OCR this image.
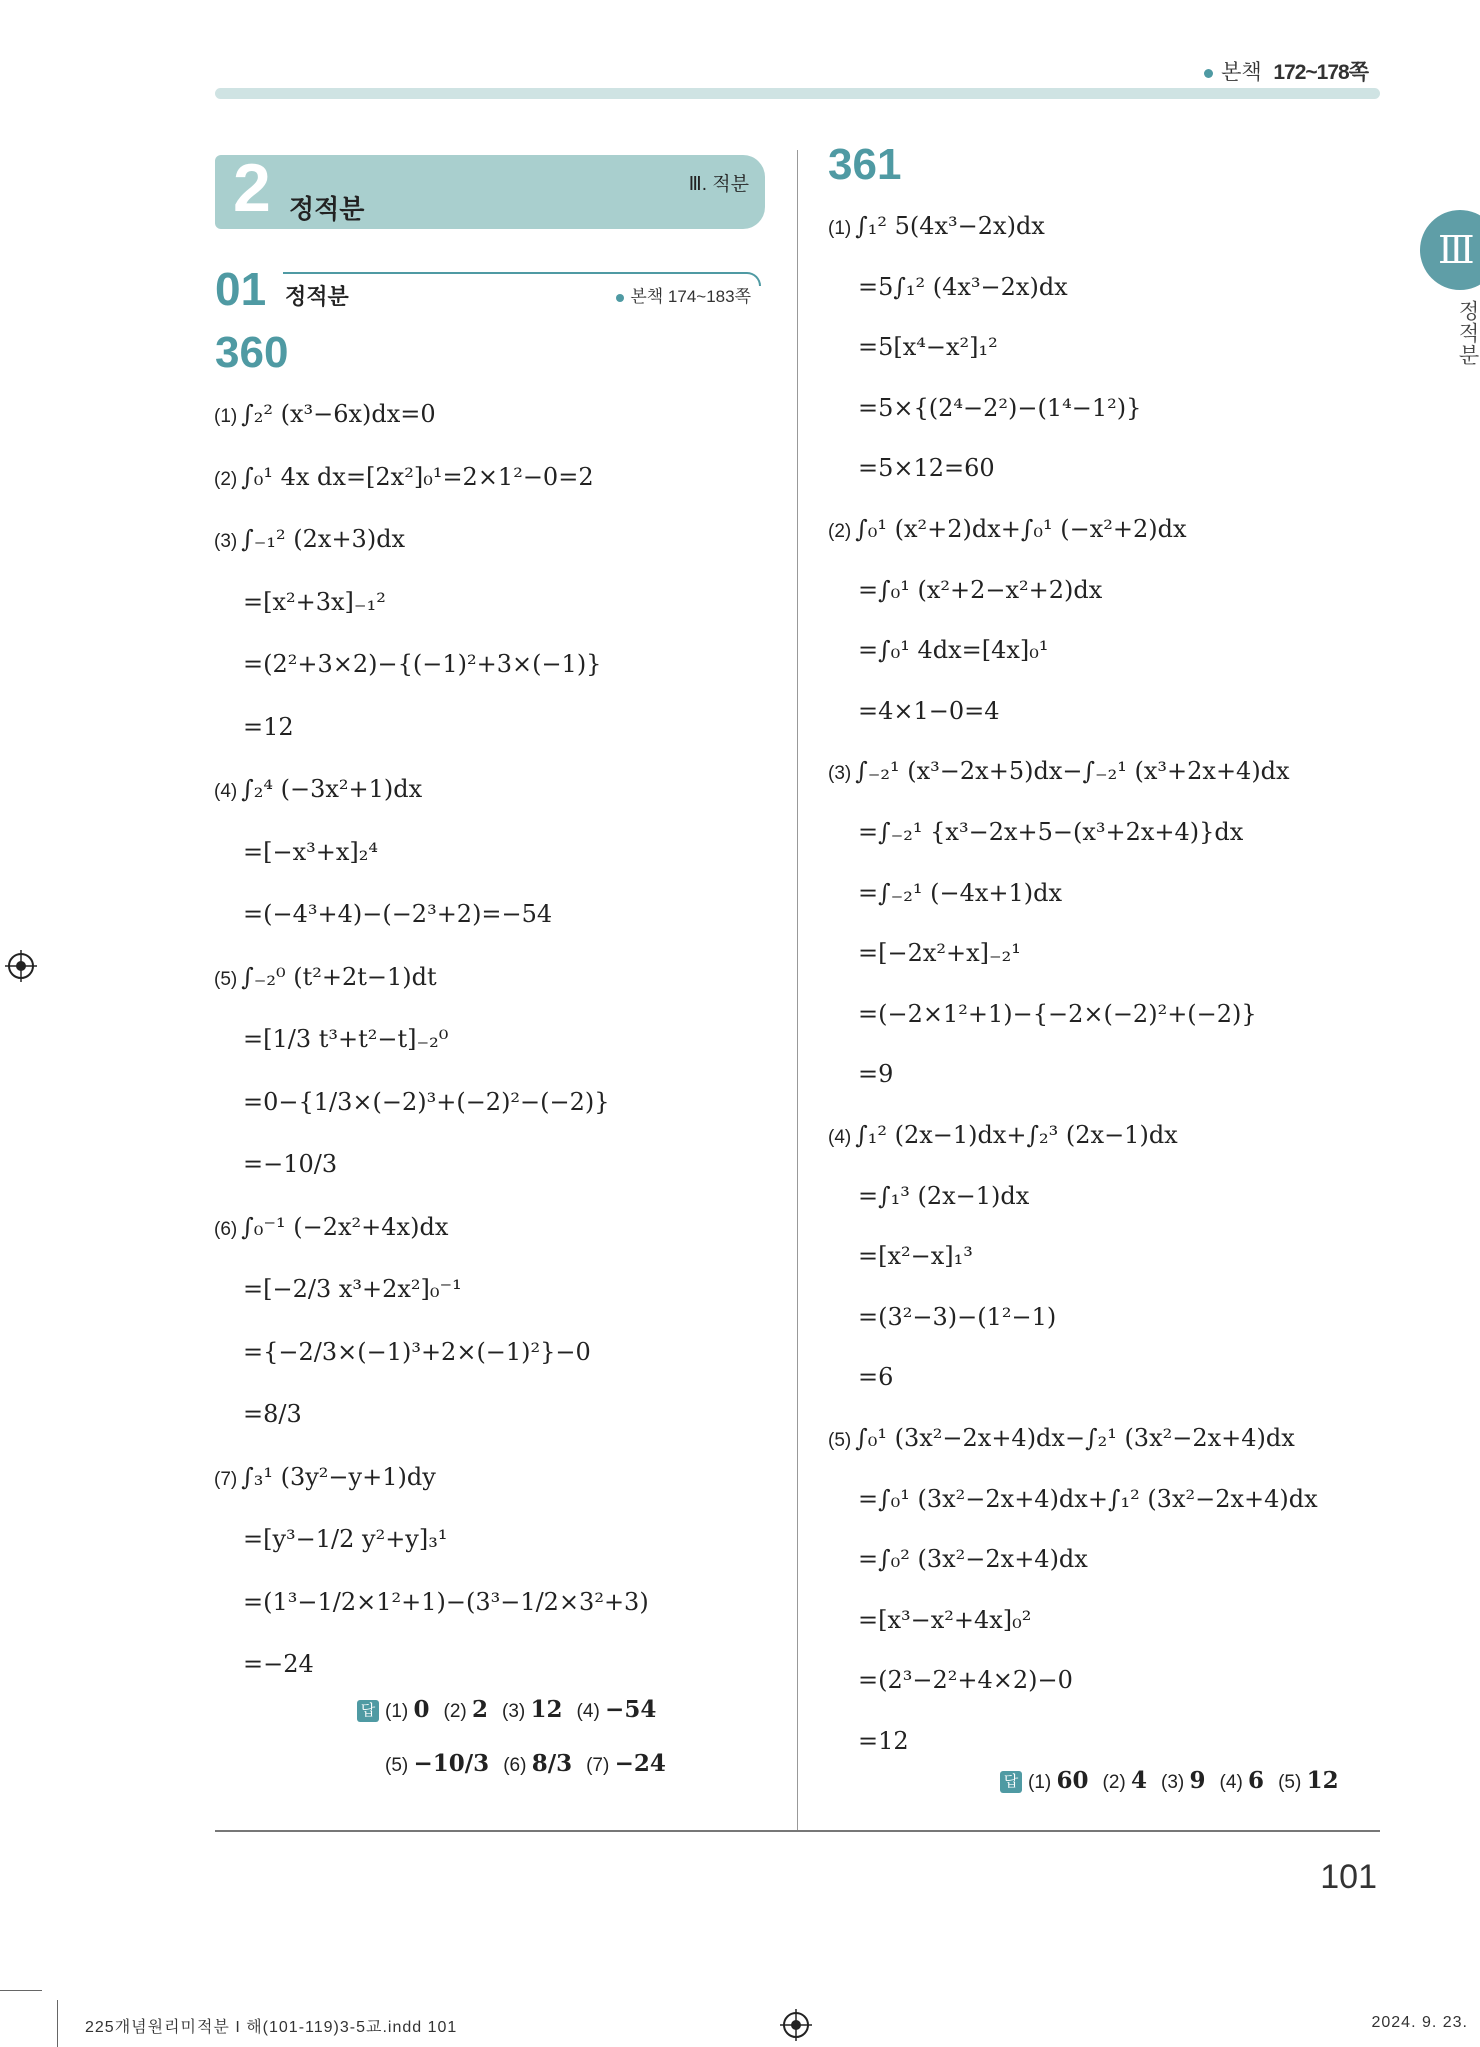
본책 172~178쪽
Ⅲ
정적분
2 정적분
Ⅲ. 적분
01 정적분	본책 174~183쪽
360
(1) ∫₂² (x³−6x)dx=0
(2) ∫₀¹ 4x dx=[2x²]₀¹=2×1²−0=2
(3) ∫₋₁² (2x+3)dx
=[x²+3x]₋₁²
=(2²+3×2)−{(−1)²+3×(−1)}
=12
(4) ∫₂⁴ (−3x²+1)dx
=[−x³+x]₂⁴
=(−4³+4)−(−2³+2)=−54
(5) ∫₋₂⁰ (t²+2t−1)dt
=[1/3 t³+t²−t]₋₂⁰
=0−{1/3×(−2)³+(−2)²−(−2)}
=−10/3
(6) ∫₀⁻¹ (−2x²+4x)dx
=[−2/3 x³+2x²]₀⁻¹
={−2/3×(−1)³+2×(−1)²}−0
=8/3
(7) ∫₃¹ (3y²−y+1)dy
=[y³−1/2 y²+y]₃¹
=(1³−1/2×1²+1)−(3³−1/2×3²+3)
=−24
답 (1) 0 (2) 2 (3) 12 (4) −54
(5) −10/3 (6) 8/3 (7) −24
361
(1) ∫₁² 5(4x³−2x)dx
=5∫₁² (4x³−2x)dx
=5[x⁴−x²]₁²
=5×{(2⁴−2²)−(1⁴−1²)}
=5×12=60
(2) ∫₀¹ (x²+2)dx+∫₀¹ (−x²+2)dx
=∫₀¹ (x²+2−x²+2)dx
=∫₀¹ 4dx=[4x]₀¹
=4×1−0=4
(3) ∫₋₂¹ (x³−2x+5)dx−∫₋₂¹ (x³+2x+4)dx
=∫₋₂¹ {x³−2x+5−(x³+2x+4)}dx
=∫₋₂¹ (−4x+1)dx
=[−2x²+x]₋₂¹
=(−2×1²+1)−{−2×(−2)²+(−2)}
=9
(4) ∫₁² (2x−1)dx+∫₂³ (2x−1)dx
=∫₁³ (2x−1)dx
=[x²−x]₁³
=(3²−3)−(1²−1)
=6
(5) ∫₀¹ (3x²−2x+4)dx−∫₂¹ (3x²−2x+4)dx
=∫₀¹ (3x²−2x+4)dx+∫₁² (3x²−2x+4)dx
=∫₀² (3x²−2x+4)dx
=[x³−x²+4x]₀²
=(2³−2²+4×2)−0
=12
답 (1) 60 (2) 4 (3) 9 (4) 6 (5) 12
101
225개념원리미적분 I 해(101-119)3-5교.indd 101	2024. 9. 23.
